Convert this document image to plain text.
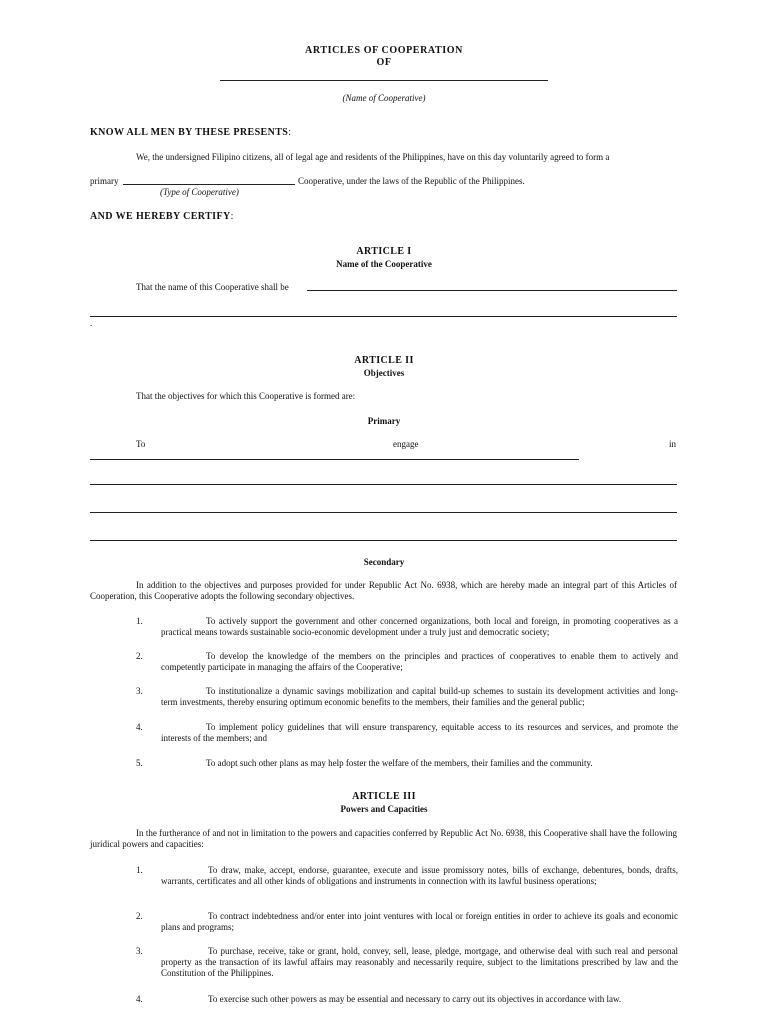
ARTICLES OF COOPERATION
OF
(Name of Cooperative)
KNOW ALL MEN BY THESE PRESENTS:
We, the undersigned Filipino citizens, all of legal age and residents of the Philippines, have on this day voluntarily agreed to form a
primary	Cooperative, under the laws of the Republic of the Philippines.
(Type of Cooperative)
AND WE HEREBY CERTIFY:
ARTICLE I
Name of the Cooperative
That the name of this Cooperative shall be
.
ARTICLE II
Objectives
That the objectives for which this Cooperative is formed are:
Primary
To	engage	in
Secondary
In addition to the objectives and purposes provided for under Republic Act No. 6938, which are hereby made an integral part of this Articles of Cooperation, this Cooperative adopts the following secondary objectives.
1.	To actively support the government and other concerned organizations, both local and foreign, in promoting cooperatives as a practical means towards sustainable socio-economic development under a truly just and democratic society;
2.	To develop the knowledge of the members on the principles and practices of cooperatives to enable them to actively and competently participate in managing the affairs of the Cooperative;
3.	To institutionalize a dynamic savings mobilization and capital build-up schemes to sustain its development activities and long-term investments, thereby ensuring optimum economic benefits to the members, their families and the general public;
4.	To implement policy guidelines that will ensure transparency, equitable access to its resources and services, and promote the interests of the members; and
5.	To adopt such other plans as may help foster the welfare of the members, their families and the community.
ARTICLE III
Powers and Capacities
In the furtherance of and not in limitation to the powers and capacities conferred by Republic Act No. 6938, this Cooperative shall have the following juridical powers and capacities:
1.	To draw, make, accept, endorse, guarantee, execute and issue promissory notes, bills of exchange, debentures, bonds, drafts, warrants, certificates and all other kinds of obligations and instruments in connection with its lawful business operations;
2.	To contract indebtedness and/or enter into joint ventures with local or foreign entities in order to achieve its goals and economic plans and programs;
3.	To purchase, receive, take or grant, hold, convey, sell, lease, pledge, mortgage, and otherwise deal with such real and personal property as the transaction of its lawful affairs may reasonably and necessarily require, subject to the limitations prescribed by law and the Constitution of the Philippines.
4.	To exercise such other powers as may be essential and necessary to carry out its objectives in accordance with law.
